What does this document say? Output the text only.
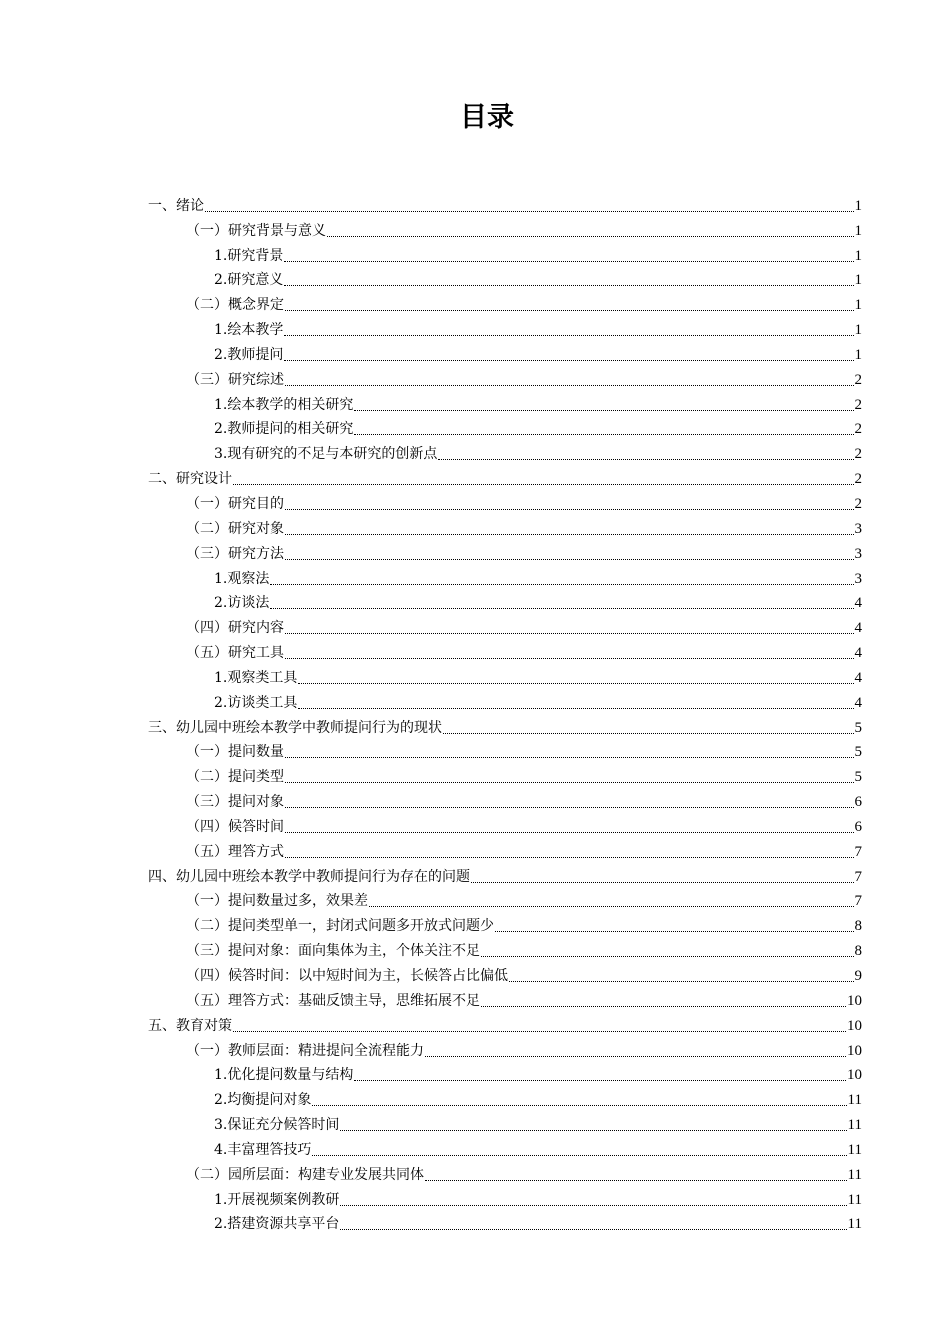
目录
一、绪论	1
（一）研究背景与意义	1
1.研究背景	1
2.研究意义	1
（二）概念界定	1
1.绘本教学	1
2.教师提问	1
（三）研究综述	2
1.绘本教学的相关研究	2
2.教师提问的相关研究	2
3.现有研究的不足与本研究的创新点	2
二、研究设计	2
（一）研究目的	2
（二）研究对象	3
（三）研究方法	3
1.观察法	3
2.访谈法	4
（四）研究内容	4
（五）研究工具	4
1.观察类工具	4
2.访谈类工具	4
三、幼儿园中班绘本教学中教师提问行为的现状	5
（一）提问数量	5
（二）提问类型	5
（三）提问对象	6
（四）候答时间	6
（五）理答方式	7
四、幼儿园中班绘本教学中教师提问行为存在的问题	7
（一）提问数量过多，效果差	7
（二）提问类型单一，封闭式问题多开放式问题少	8
（三）提问对象：面向集体为主，个体关注不足	8
（四）候答时间：以中短时间为主，长候答占比偏低	9
（五）理答方式：基础反馈主导，思维拓展不足	10
五、教育对策	10
（一）教师层面：精进提问全流程能力	10
1.优化提问数量与结构	10
2.均衡提问对象	11
3.保证充分候答时间	11
4.丰富理答技巧	11
（二）园所层面：构建专业发展共同体	11
1.开展视频案例教研	11
2.搭建资源共享平台	11
